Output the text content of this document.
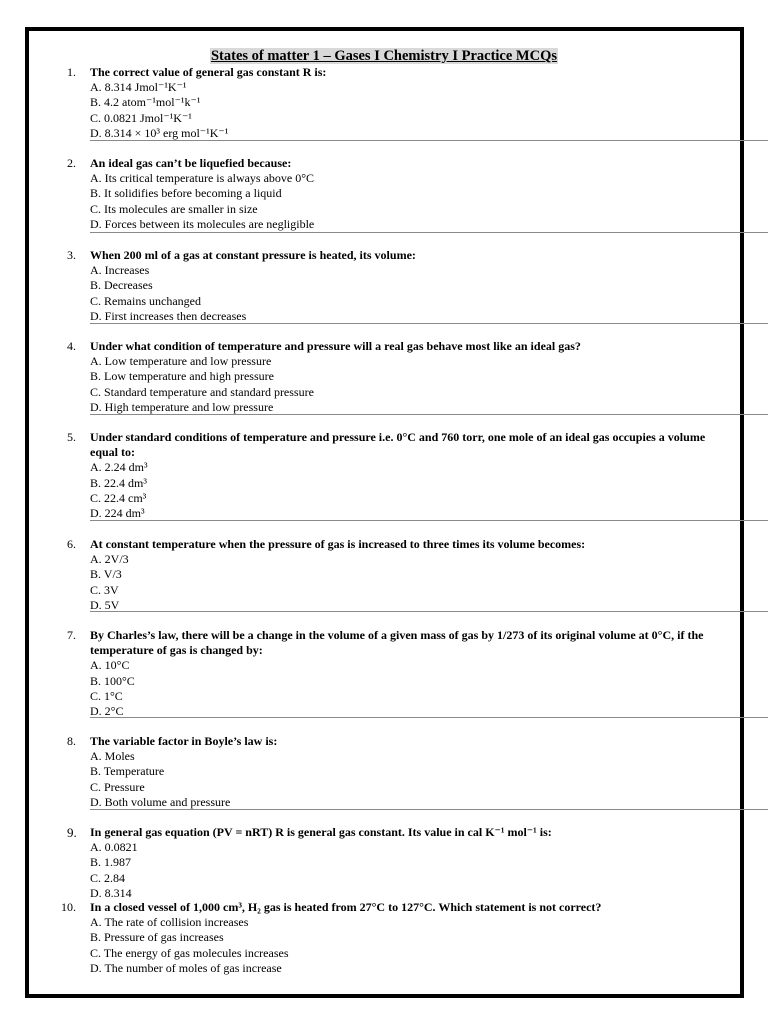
States of matter 1 – Gases I Chemistry I Practice MCQs
1.	The correct value of general gas constant R is:

A. 8.314 Jmol⁻¹K⁻¹

B. 4.2 atom⁻¹mol⁻¹k⁻¹

C. 0.0821 Jmol⁻¹K⁻¹

D. 8.314 × 10³ erg mol⁻¹K⁻¹

2.	An ideal gas can’t be liquefied because:

A. Its critical temperature is always above 0°C

B. It solidifies before becoming a liquid

C. Its molecules are smaller in size

D. Forces between its molecules are negligible

3.	When 200 ml of a gas at constant pressure is heated, its volume:

A. Increases

B. Decreases

C. Remains unchanged

D. First increases then decreases

4.	Under what condition of temperature and pressure will a real gas behave most like an ideal gas?

A. Low temperature and low pressure

B. Low temperature and high pressure

C. Standard temperature and standard pressure

D. High temperature and low pressure

5.	Under standard conditions of temperature and pressure i.e. 0°C and 760 torr, one mole of an ideal gas occupies a volume equal to:

A. 2.24 dm³

B. 22.4 dm³

C. 22.4 cm³

D. 224 dm³

6.	At constant temperature when the pressure of gas is increased to three times its volume becomes:

A. 2V/3

B. V/3

C. 3V

D. 5V

7.	By Charles’s law, there will be a change in the volume of a given mass of gas by 1/273 of its original volume at 0°C, if the temperature of gas is changed by:

A. 10°C

B. 100°C

C. 1°C

D. 2°C

8.	The variable factor in Boyle’s law is:

A. Moles

B. Temperature

C. Pressure

D. Both volume and pressure

9.	In general gas equation (PV = nRT) R is general gas constant. Its value in cal K⁻¹ mol⁻¹ is:

A. 0.0821

B. 1.987

C. 2.84

D. 8.314

10.	In a closed vessel of 1,000 cm³, H₂ gas is heated from 27°C to 127°C. Which statement is not correct?

A. The rate of collision increases

B. Pressure of gas increases

C. The energy of gas molecules increases

D. The number of moles of gas increase
